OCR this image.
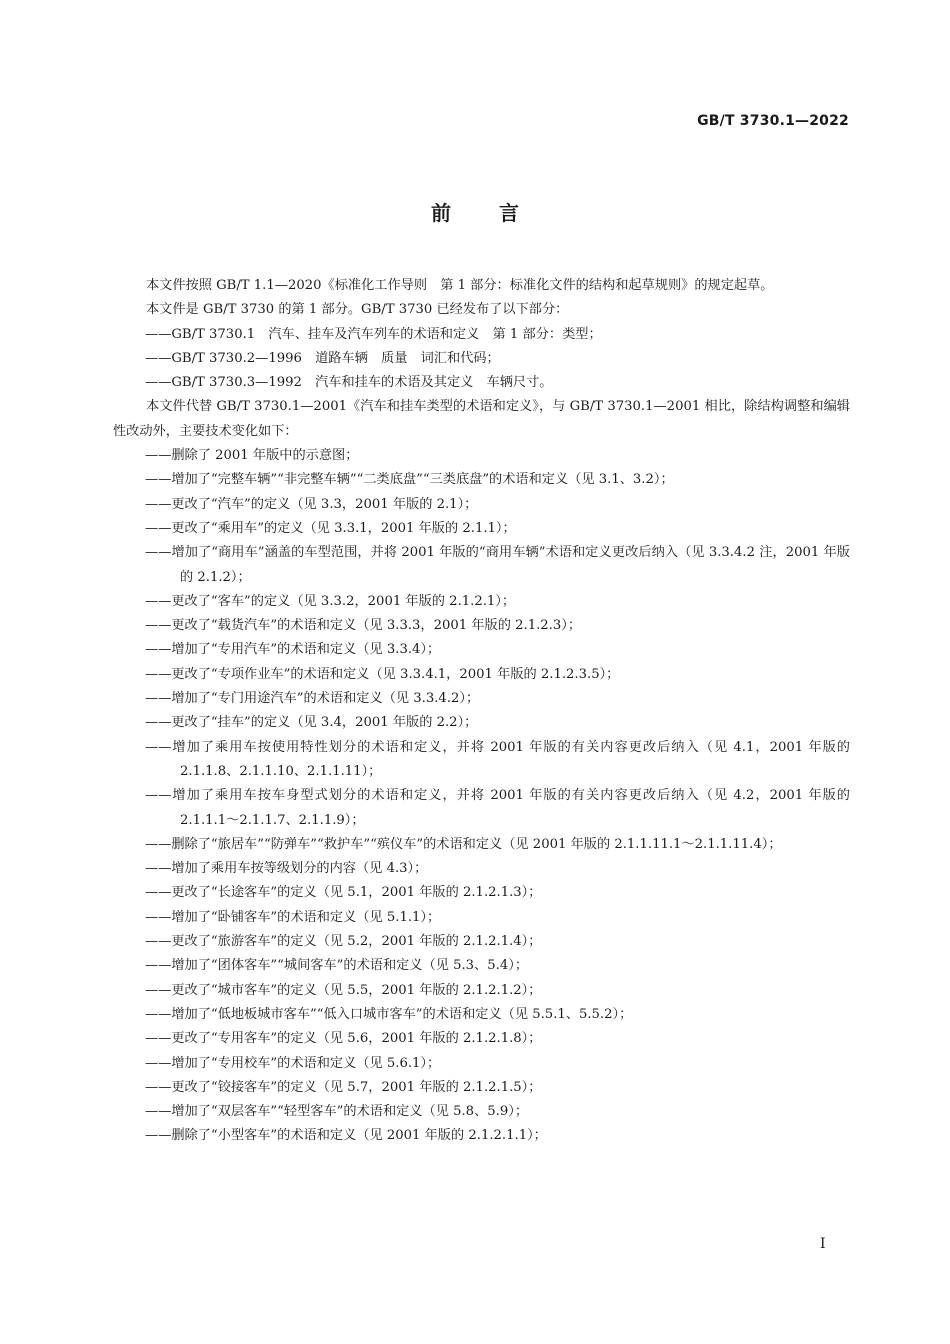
GB/T 3730.1—2022
前 言

本文件按照 GB/T 1.1—2020《标准化工作导则　第 1 部分：标准化文件的结构和起草规则》的规定起草。

本文件是 GB/T 3730 的第 1 部分。GB/T 3730 已经发布了以下部分：

——GB/T 3730.1　汽车、挂车及汽车列车的术语和定义　第 1 部分：类型；

——GB/T 3730.2—1996　道路车辆　质量　词汇和代码；

——GB/T 3730.3—1992　汽车和挂车的术语及其定义　车辆尺寸。

本文件代替 GB/T 3730.1—2001《汽车和挂车类型的术语和定义》，与 GB/T 3730.1—2001 相比，除结构调整和编辑性改动外，主要技术变化如下：

——删除了 2001 年版中的示意图；

——增加了“完整车辆”“非完整车辆”“二类底盘”“三类底盘”的术语和定义（见 3.1、3.2）；

——更改了“汽车”的定义（见 3.3，2001 年版的 2.1）；

——更改了“乘用车”的定义（见 3.3.1，2001 年版的 2.1.1）；

——增加了“商用车”涵盖的车型范围，并将 2001 年版的“商用车辆”术语和定义更改后纳入（见 3.3.4.2 注，2001 年版的 2.1.2）；

——更改了“客车”的定义（见 3.3.2，2001 年版的 2.1.2.1）；

——更改了“载货汽车”的术语和定义（见 3.3.3，2001 年版的 2.1.2.3）；

——增加了“专用汽车”的术语和定义（见 3.3.4）；

——更改了“专项作业车”的术语和定义（见 3.3.4.1，2001 年版的 2.1.2.3.5）；

——增加了“专门用途汽车”的术语和定义（见 3.3.4.2）；

——更改了“挂车”的定义（见 3.4，2001 年版的 2.2）；

——增加了乘用车按使用特性划分的术语和定义，并将 2001 年版的有关内容更改后纳入（见 4.1，2001 年版的 2.1.1.8、2.1.1.10、2.1.1.11）；

——增加了乘用车按车身型式划分的术语和定义，并将 2001 年版的有关内容更改后纳入（见 4.2，2001 年版的 2.1.1.1～2.1.1.7、2.1.1.9）；

——删除了“旅居车”“防弹车”“救护车”“殡仪车”的术语和定义（见 2001 年版的 2.1.1.11.1～2.1.1.11.4）；

——增加了乘用车按等级划分的内容（见 4.3）；

——更改了“长途客车”的定义（见 5.1，2001 年版的 2.1.2.1.3）；

——增加了“卧铺客车”的术语和定义（见 5.1.1）；

——更改了“旅游客车”的定义（见 5.2，2001 年版的 2.1.2.1.4）；

——增加了“团体客车”“城间客车”的术语和定义（见 5.3、5.4）；

——更改了“城市客车”的定义（见 5.5，2001 年版的 2.1.2.1.2）；

——增加了“低地板城市客车”“低入口城市客车”的术语和定义（见 5.5.1、5.5.2）；

——更改了“专用客车”的定义（见 5.6，2001 年版的 2.1.2.1.8）；

——增加了“专用校车”的术语和定义（见 5.6.1）；

——更改了“铰接客车”的定义（见 5.7，2001 年版的 2.1.2.1.5）；

——增加了“双层客车”“轻型客车”的术语和定义（见 5.8、5.9）；

——删除了“小型客车”的术语和定义（见 2001 年版的 2.1.2.1.1）；

I
